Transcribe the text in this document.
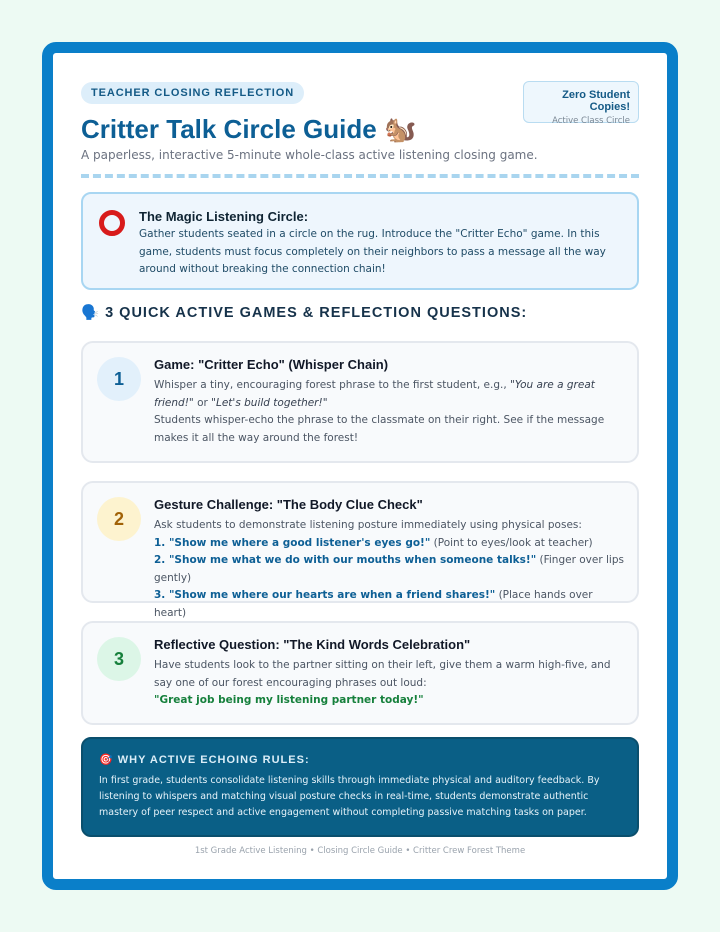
Zero Student Copies!
Active Class Circle
TEACHER CLOSING REFLECTION
Critter Talk Circle Guide 🐿️
A paperless, interactive 5-minute whole-class active listening closing game.
The Magic Listening Circle:
Gather students seated in a circle on the rug. Introduce the "Critter Echo" game. In this game, students must focus completely on their neighbors to pass a message all the way around without breaking the connection chain!
🗣️ 3 QUICK ACTIVE GAMES & REFLECTION QUESTIONS:
1
Game: "Critter Echo" (Whisper Chain)
Whisper a tiny, encouraging forest phrase to the first student, e.g., "You are a great friend!" or "Let's build together!"
Students whisper-echo the phrase to the classmate on their right. See if the message makes it all the way around the forest!
2
Gesture Challenge: "The Body Clue Check"
Ask students to demonstrate listening posture immediately using physical poses:
1. "Show me where a good listener's eyes go!" (Point to eyes/look at teacher)
2. "Show me what we do with our mouths when someone talks!" (Finger over lips gently)
3. "Show me where our hearts are when a friend shares!" (Place hands over heart)
3
Reflective Question: "The Kind Words Celebration"
Have students look to the partner sitting on their left, give them a warm high-five, and say one of our forest encouraging phrases out loud:
"Great job being my listening partner today!"
🎯 WHY ACTIVE ECHOING RULES:
In first grade, students consolidate listening skills through immediate physical and auditory feedback. By listening to whispers and matching visual posture checks in real-time, students demonstrate authentic mastery of peer respect and active engagement without completing passive matching tasks on paper.
1st Grade Active Listening • Closing Circle Guide • Critter Crew Forest Theme
